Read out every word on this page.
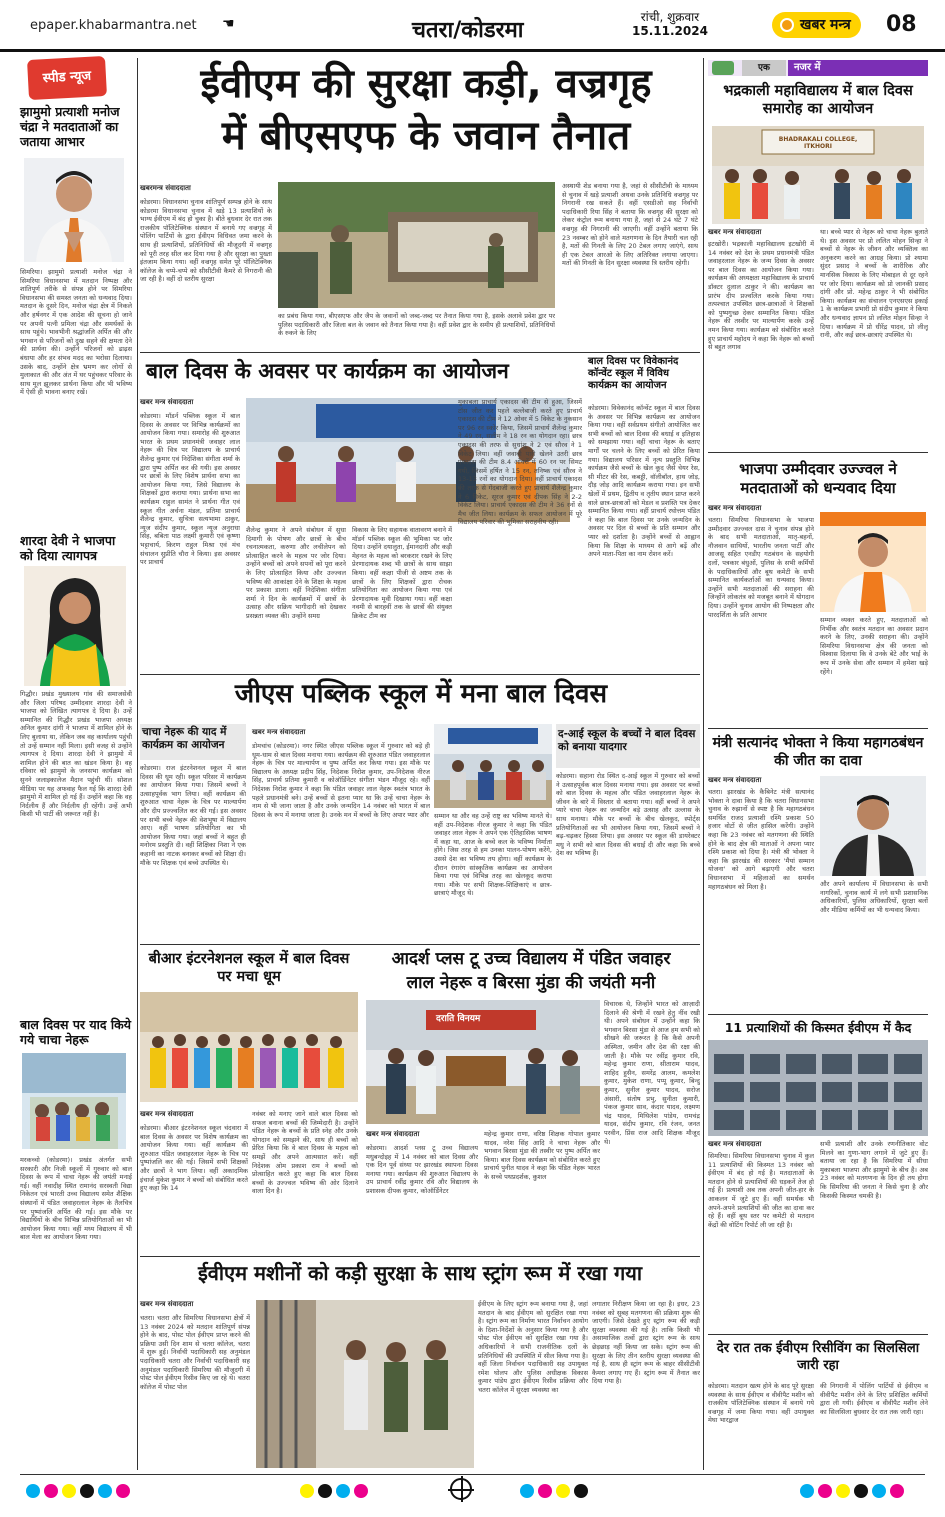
epaper.khabarmantra.net ☚	चतरा/कोडरमा
रांची, शुक्रवार
15.11.2024	खबर मन्त्र	08
स्पीड न्यूज
झामुमो प्रत्याशी मनोज चंद्रा ने मतदाताओं का जताया आभार
सिमरिया। झामुमो प्रत्याशी मनोज चंद्रा ने सिमरिया विधानसभा में मतदान निष्पक्ष और शांतिपूर्ण तरीके से संपन्न होने पर सिमरिया विधानसभा की समस्त जनता को धन्यवाद दिया। मतदान के दूसरे दिन, मनोज चंद्रा क्षेत्र में निकले और हर्षनगर में एक आदेश की सूचना हो जाने पर अपनी पत्नी प्रमिला चंद्रा और समर्थकों के साथ पहुंचे। भावभीनी श्रद्धांजलि अर्पित की और भगवान से परिजनों को दुख सहने की क्षमता देने की प्रार्थना की। उन्होंने परिजनों को ढाढ़स बंधाया और हर संभव मदद का भरोसा दिलाया। उसके बाद, उन्होंने क्षेत्र भ्रमण कर लोगों से मुलाकात की और अंत में घर पहुंचकर परिवार के साथ मूल झूलकर प्रार्थना किया और भी भविष्य में ऐसी ही भावना बनाए रखें।
शारदा देवी ने भाजपा को दिया त्यागपत्र
गिद्धौर। प्रखंड मुख्यालय गांव की समाजसेवी और जिला परिषद उम्मीदवार शारदा देवी ने भाजपा को लिखित त्यागपत्र दे दिया है। उन्हें सम्मानित की गिद्धौर प्रखंड भाजपा अध्यक्ष अनिल कुमार दांगी ने भाजपा में शामिल होने के लिए बुलाया था, लेकिन जब वह कार्यालय पहुंची तो उन्हें सम्मान नहीं मिला। इसी वजह से उन्होंने त्यागपत्र दे दिया। शारदा देवी ने झामुमो में शामिल होने की बात का खंडन किया है। वह रविवार को झामुमो के जनसभा कार्यक्रम को सुनने जलाइकालेज मैदान पहुंची थीं। सोशल मीडिया पर यह अफवाह फैल गई कि शारदा देवी झामुमो में शामिल हो गई हैं। उन्होंने कहा कि वह निर्दलीय हैं और निर्दलीय ही रहेंगी। उन्हें अभी किसी भी पार्टी की जरूरत नहीं है।
बाल दिवस पर याद किये गये चाचा नेहरू
मरकच्चो (कोडरमा)। प्रखंड अंतर्गत सभी सरकारी और निजी स्कूलों में गुरुवार को बाल दिवस के रूप में चाचा नेहरू की जयंती मनाई गई। वहीं नवादीह स्थित रामानंद सरस्वती विद्या निकेतन एवं भारती उच्च विद्यालय समेत शैक्षिक संस्थानों में पंडित जवाहरलाल नेहरू के तैलचित्र पर पुष्पांजलि अर्पित की गई। इस मौके पर विद्यार्थियों के बीच विभिन्न प्रतियोगिताओं का भी आयोजन किया गया। वहीं मध्य विद्यालय में भी बाल मेला का आयोजन किया गया।
ईवीएम की सुरक्षा कड़ी, वज्रगृह
में बीएसएफ के जवान तैनात
खबरमन्त्र संवाददाता
कोडरमा। विधानसभा चुनाव शांतिपूर्ण सम्पन्न होने के साथ कोडरमा विधानसभा चुनाव में खड़े 13 प्रत्याशियों के भाग्य ईवीएम में बंद हो चुका है। बीते बुधवार देर रात तक राजकीय पॉलिटेक्निक संस्थान में बनाये गए वज्रगृह में पोलिंग पार्टियों के द्वारा ईवीएम विधिवत जमा करने के साथ ही प्रत्याशियों, प्रतिनिधियों की मौजूदगी में वज्रगृह को पूरी तरह सील कर दिया गया है और सुरक्षा का पुख्ता इंतजाम किया गया। वहीं वज्रगृह समेत पूरे पॉलिटेक्निक कॉलेज के चप्पे-चप्पे को सीसीटीवी कैमरे से निगरानी की जा रही है। वहीं दो स्तरीय सुरक्षा
का प्रबंध किया गया, बीएसएफ और जैप के जवानों को जब्द-जब्द पर तैनात किया गया है, इसके अलावे प्रवेश द्वार पर पुलिस पदाधिकारी और जिला बल के जवान को तैनात किया गया है। वहीं प्रवेश द्वार के समीप ही प्रत्याशियों, प्रतिनिधियों के रुकने के लिए
अस्थायी शेड बनाया गया है, जहां से सीसीटीवी के माध्यम से चुनाव में खड़े प्रत्याशी अथवा उनके प्रतिनिधि वज्रगृह पर निगरानी रख सकते हैं। वहीं एसडीओ सह निर्वाची पदाधिकारी रिया सिंह ने बताया कि वज्रगृह की सुरक्षा को लेकर कंट्रोल रूम बनाया गया है, जहां से 24 घंटे 7 घंटे वज्रगृह की निगरानी की जाएगी। वहीं उन्होंने बताया कि 23 नवम्बर को होने वाले मतगणना के दिन तैयारी चल रही है, मतों की गिनती के लिए 20 टेबल लगाए जाएंगे, साथ ही एक टेबल आरओ के लिए अतिरिक्त लगाया जाएगा। मतों की गिनती के दिन सुरक्षा व्यवस्था त्रि स्तरीय रहेगी।
बाल दिवस के अवसर पर कार्यक्रम का आयोजन
खबर मन्त्र संवाददाता
कोडरमा। मॉडर्न पब्लिक स्कूल में बाल दिवस के अवसर पर विभिन्न कार्यक्रमों का आयोजन किया गया। समारोह की शुरुआत भारत के प्रथम प्रधानमंत्री जवाहर लाल नेहरू की चित्र पर विद्यालय के प्राचार्य शैलेन्द्र कुमार एवं निदेशिका संगीता शर्मा के द्वारा पुष्प अर्पित कर की गयी। इस अवसर पर छात्रों के लिए विशेष प्रार्थना सभा का आयोजन किया गया, जिसे विद्यालय के शिक्षकों द्वारा कराया गया। प्रार्थना सभा का कार्यक्रम राहुल सामंत ने प्रार्थना गीत एवं स्कूल गीत अर्चना मंडल, प्रतिमा प्राचार्य शैलेन्द्र कुमार, सुचित्रा सत्यभामा ठाकुर, न्यूज संदीप कुमार, स्कूल न्यूज अनुराधा सिंह, बबिता पाठ लक्ष्मी कुमारी एवं कृष्णा भट्टाचार्य, किरण राहुल मिश्रा एवं मंच संचालन सुप्रीति चौरा ने किया। इस अवसर पर प्राचार्य
शैलेन्द्र कुमार ने अपने संबोधन में सुधा दिमागी के पोषण और छात्रों के बीच रचनात्मकता, करुणा और लचीलेपन को प्रोत्साहित करने के महत्व पर जोर दिया। उन्होंने बच्चों को अपने सपनों को पूरा करने के लिए प्रोत्साहित किया और उज्ज्वल भविष्य की आकांक्षा देने के शिक्षा के महत्व पर प्रकाश डाला। वहीं निदेशिका संगीता शर्मा ने दिन के कार्यक्रमों में छात्रों के उत्साह और सक्रिय भागीदारी को देखकर प्रसन्नता व्यक्त की। उन्होंने समग्र
विकास के लिए सहायक वातावरण बनाने में मॉडर्न पब्लिक स्कूल की भूमिका पर जोर दिया। उन्होंने दयालुता, ईमानदारी और कड़ी मेहनत के महत्व को बरकरार रखने के लिए प्रेरणादायक शब्द भी छात्रों के साथ साझा किया। वहीं कक्षा पीजी से अष्टम तक के छात्रों के लिए शिक्षकों द्वारा रोचक प्रतियोगिता का आयोजन किया गया एवं प्रेरणादायक मूवी दिखाया गया। वहीं कक्षा नवमी से बारहवीं तक के छात्रों की संयुक्त क्रिकेट टीम का
मुकाबला प्राचार्य एकादस की टीम से हुआ, जिसमें टॉस जीत कर पहले बल्लेबाजी करते हुए प्राचार्य एकादस की टीम ने 12 ओवर में 5 विकेट के नुकसान पर 96 रन स्कोर किया, जिसमें प्राचार्य शैलेन्द्र कुमार ने 49 रन, सलीम ने 18 रन का योगदान रहा। छात्र एकादस की तरफ से सुधांशु ने 2 एवं सौरव ने 1 विकेट लिया। वहीं जवाबी पारी खेलने उतरी छात्र एकादस की टीम 8.4 ओवरों में 60 रन पर सिमट गयी, जिसमें हर्षित ने 15 रन, तनिष्क एवं सौरव ने 13-13 रनों का योगदान दिया। वहीं प्राचार्य एकादस की तरफ से गेंदबाजी करते हुए प्राचार्य शैलेन्द्र कुमार ने 6 विकेट, सूरज कुमार एवं दीपक सिंह ने 2-2 विकेट लिया। प्राचार्य एकादस की टीम ने 36 रनों से मैच जीत लिया। कार्यक्रम के सफल आयोजन में पूरे विद्यालय परिवार की भूमिका सराहनीय रही।
बाल दिवस पर विवेकानंद कॉन्वेंट स्कूल में विविध कार्यक्रम का आयोजन
कोडरमा। विवेकानंद कॉन्वेंट स्कूल में बाल दिवस के अवसर पर विभिन्न कार्यक्रम का आयोजन किया गया। वहीं सर्वप्रथम संगीतो आयोजित कर सभी बच्चों को बाल दिवस की बधाई व इतिहास को समझाया गया। वहीं चाचा नेहरू के बताए मार्गों पर चलने के लिए बच्चों को प्रेरित किया गया। विद्यालय परिसर में नृत्य प्रस्तुति विभिन्न कार्यक्रम जैसे बच्चों के खेल कूद जैसे चेयर रेस, सी मीटर की रेस, कबड्डी, वॉलीबॉल, हाथ जोड़, दौड़ जोड़ आदि कार्यक्रम कराया गया। इन सभी खेलों में प्रथम, द्वितीय व तृतीय स्थान प्राप्त करने वाले छात्र-छात्राओं को मेडल व प्रशस्ति पत्र देकर सम्मानित किया गया। वहीं प्राचार्य रघोत्तम पंडित ने कहा कि बाल दिवस पर उनके जन्मदिन के अवसर पर दिल से बच्चों के प्रति सम्मान और प्यार को दर्शाता है। उन्होंने बच्चों से आह्वान किया कि शिक्षा के माध्यम से आगे बढ़ें और अपने माता-पिता का नाम रोशन करें।
जीएस पब्लिक स्कूल में मना बाल दिवस
चाचा नेहरू की याद में कार्यक्रम का आयोजन
कोडरमा। राज इंटरनेशनल स्कूल में बाल दिवस की धूम रही। स्कूल परिसर में कार्यक्रम का आयोजन किया गया। जिसमें बच्चों ने उत्साहपूर्वक भाग लिया। वहीं कार्यक्रम की शुरुआत चाचा नेहरू के चित्र पर माल्यार्पण और दीप प्रज्ज्वलित कर की गई। इस अवसर पर सभी बच्चे नेहरू की वेशभूषा में विद्यालय आए। वहीं भाषण प्रतियोगिता का भी आयोजन किया गया। जहां बच्चों ने बहुत ही मनोरम प्रस्तुति दी। वहीं शिक्षिका निशा ने एक कहानी का नाटक बनाकर बच्चों को शिक्षा दी। मौके पर शिक्षक एवं बच्चे उपस्थित थे।
खबर मन्त्र संवाददाता
डोमचांच (कोडरमा)। नगर स्थित जीएस पब्लिक स्कूल में गुरुवार को बड़े ही धूम-धाम से बाल दिवस मनाया गया। कार्यक्रम की शुरुआत पंडित जवाहरलाल नेहरू के चित्र पर माल्यार्पण व पुष्प अर्पित कर किया गया। इस मौके पर विद्यालय के अध्यक्ष प्रदीप सिंह, निदेशक निरोश कुमार, उप-निदेशक नीरज सिंह, प्राचार्य प्रतिमा कुमारी व कोऑर्डिनेटर संगीता भंडन मौजूद रहे। वहीं निदेशक निरोश कुमार ने कहा कि पंडित जवाहर लाल नेहरू स्वतंत्र भारत के पहले प्रधानमंत्री बने। उन्हें बच्चों से इतना प्यार था कि उन्हें चाचा नेहरू के नाम से भी जाना जाता है और उनके जन्मदिन 14 नवंबर को भारत में बाल दिवस के रूप में मनाया जाता है। उनके मन में बच्चों के लिए अपार प्यार और सम्मान था और वह उन्हें राष्ट्र का भविष्य मानते थे। वहीं उप-निदेशक नीरज कुमार ने कहा कि पंडित जवाहर लाल नेहरू ने अपने एक ऐतिहासिक भाषण में कहा था, आज के बच्चे कल के भविष्य निर्माता होंगे। जिस तरह से हम उनका पालन-पोषण करेंगे, उससे देश का भविष्य तय होगा। वहीं कार्यक्रम के दौरान रंगारंग सांस्कृतिक कार्यक्रम का आयोजन किया गया एवं विभिन्न तरह का खेलकूद कराया गया। मौके पर सभी शिक्षक-शिक्षिकाएं व छात्र-छात्राएं मौजूद थे।
द-आई स्कूल के बच्चों ने बाल दिवस को बनाया यादगार
कोडरमा। सहाना रोड स्थित द-आई स्कूल में गुरुवार को बच्चों ने उत्साहपूर्वक बाल दिवस मनाया गया। इस अवसर पर बच्चों को बाल दिवस के महत्व और पंडित जवाहरलाल नेहरू के जीवन के बारे में विस्तार से बताया गया। वहीं बच्चों ने अपने प्यारे चाचा नेहरू का जन्मदिन बड़े उत्साह और उल्लास के साथ मनाया। मौके पर बच्चों के बीच खेलकूद, स्पोर्ट्स प्रतियोगिताओं का भी आयोजन किया गया, जिसमें बच्चों ने बढ़-चढ़कर हिस्सा लिया। इस अवसर पर स्कूल की डायरेक्टर मधु ने सभी को बाल दिवस की बधाई दी और कहा कि बच्चे देश का भविष्य हैं।
बीआर इंटरनेशनल स्कूल में बाल दिवस पर मचा धूम
खबर मन्त्र संवाददाता
कोडरमा। बीआर इंटरनेशनल स्कूल चंदवारा में बाल दिवस के अवसर पर विशेष कार्यक्रम का आयोजन किया गया। वहीं कार्यक्रम की शुरुआत पंडित जवाहरलाल नेहरू के चित्र पर पुष्पांजलि कर की गई। जिसमें सभी शिक्षकों और छात्रों ने भाग लिया। वहीं अकादमिक इंचार्ज मुकेश कुमार ने बच्चों को संबोधित करते हुए कहा कि 14
नवंबर को मनाए जाने वाले बाल दिवस को सफल बनाना बच्चों की जिम्मेदारी है। उन्होंने पंडित नेहरू के बच्चों के प्रति स्नेह और उनके योगदान को समझने की, साथ ही बच्चों को प्रेरित किया कि वे बाल दिवस के महत्व को समझें और अपने आत्मसात करें। वहीं निदेशक ओम प्रकाश राम ने बच्चों को प्रोत्साहित करते हुए कहा कि बाल दिवस बच्चों के उज्ज्वल भविष्य की ओर दिलाने वाला दिन है।
आदर्श प्लस टू उच्च विद्यालय में पंडित जवाहर
लाल नेहरू व बिरसा मुंडा की जयंती मनी
दराति विनयम
विचारक थे, जिन्होंने भारत को आज़ादी दिलाने की श्रेणी में रखने हेतु नींव रखी थी। अपने संबोधन में उन्होंने कहा कि भगवान बिरसा मुंडा से आज हम सभी को सीखने की जरूरत है कि कैसे अपनी अस्मिता, जमीन और देश की रक्षा की जाती है। मौके पर रवींद्र कुमार रवि, महेन्द्र कुमार राणा, सीताराम यादव, शाहिद हुसैन, समरेंद्र आलम, कमलेश कुमार, मुकेश राणा, पप्पू कुमार, बिन्दु कुमार, सुनील कुमार यादव, सरोज अंसारी, संतोष प्रभु, सुनीता कुमारी, पंकज कुमार साव, कंदार यादव, लक्ष्मण चंद्र यादव, मिथिलेश पांडेय, रामचंद्र यादव, संदीप कुमार, रवि रंजन, जनत परवीन, प्रिंस राज आदि शिक्षक मौजूद थे।
खबर मन्त्र संवाददाता
कोडरमा। आदर्श प्लस टू उच्च विद्यालय मधुबन्दोइह में 14 नवंबर को बाल दिवस और एक दिन पूर्व संध्या पर झारखंड स्थापना दिवस मनाया गया। कार्यक्रम की शुरुआत विद्यालय के उप प्राचार्य रवींद्र कुमार रवि और विद्यालय के प्रशासक दीपक कुमार, कोऑर्डिनेटर
महेन्द्र कुमार राणा, वरिष्ठ शिक्षक गोपाल कुमार यादव, नरेश सिंह आदि ने चाचा नेहरू और भगवान बिरसा मुंडा की तस्वीर पर पुष्प अर्पित कर किया। बाल दिवस कार्यक्रम को संबोधित करते हुए प्राचार्य पुनीत यादव ने कहा कि पंडित नेहरू भारत के सच्चे पथप्रदर्शक, कुशल
ईवीएम मशीनों को कड़ी सुरक्षा के साथ स्ट्रांग रूम में रखा गया
खबर मन्त्र संवाददाता
चतरा। चतरा और सिमरिया विधानसभा क्षेत्रों में 13 नवंबर 2024 को मतदान शांतिपूर्ण संपन्न होने के बाद, पोस्ट पोल ईवीएम प्राप्त करने की प्रक्रिया उसी दिन शाम से चतरा कॉलेज, चतरा में शुरू हुई। निर्वाची पदाधिकारी सह अनुमंडल पदाधिकारी चतरा और निर्वाची पदाधिकारी सह अनुमंडल पदाधिकारी सिमरिया की मौजूदगी में पोस्ट पोल ईवीएम रिसीव किए जा रहे थे। चतरा कॉलेज में पोस्ट पोल
ईवीएम के लिए स्ट्रांग रूम बनाया गया है, जहां मतदान के बाद ईवीएम को सुरक्षित रखा गया है। स्ट्रांग रूम का निर्माण भारत निर्वाचन आयोग के दिशा-निर्देशों के अनुसार किया गया है और पोस्ट पोल ईवीएम को सुरक्षित रखा गया है। अधिकारियों ने सभी राजनीतिक दलों के प्रतिनिधियों की उपस्थिति में सील किया गया है। वहीं जिला निर्वाचन पदाधिकारी सह उपायुक्त रमेश घोलप और पुलिस अधीक्षक विकास कुमार पांडेय द्वारा ईवीएम रिसीव प्रक्रिया और चतरा कॉलेज में सुरक्षा व्यवस्था का
लगातार निरीक्षण किया जा रहा है। इधर, 23 नवंबर को सुबह मतगणना की प्रक्रिया शुरू की जाएगी। जिसे देखते हुए स्ट्रांग रूम की कड़ी सुरक्षा व्यवस्था की गई है। ताकि किसी भी असामाजिक तत्वों द्वारा स्ट्रांग रूम के साथ छेड़छाड़ नहीं किया जा सके। स्ट्रांग रूम की सुरक्षा के लिए तीन स्तरीय सुरक्षा व्यवस्था की गई है, साथ ही स्ट्रांग रूम के बाहर सीसीटीवी कैमरा लगाए गए हैं। स्ट्रांग रूम में तैनात कर दिया गया है।
एक	नजर में
भद्रकाली महाविद्यालय में बाल दिवस समारोह का आयोजन
BHADRAKALI COLLEGE, ITKHORI
खबर मन्त्र संवाददाता
इटखोरी। भद्रकाली महाविद्यालय इटखोरी में 14 नवंबर को देश के प्रथम प्रधानमंत्री पंडित जवाहरलाल नेहरू के जन्म दिवस के अवसर पर बाल दिवस का आयोजन किया गया। कार्यक्रम की अध्यक्षता महाविद्यालय के प्राचार्य डॉक्टर दुलाल ठाकुर ने की। कार्यक्रम का प्रारंभ दीप प्रज्वलित करके किया गया। तत्पश्चात उपस्थित छात्र-छात्राओं ने शिक्षकों को पुष्पगुच्छ देकर सम्मानित किया। पंडित नेहरू की तस्वीर पर माल्यार्पण करके उन्हें नमन किया गया। कार्यक्रम को संबोधित करते हुए प्राचार्य महोदय ने कहा कि नेहरू को बच्चों से बहुत लगाव
था। बच्चे प्यार से नेहरू को चाचा नेहरू बुलाते थे। इस अवसर पर प्रो ललित मोहन सिन्हा ने बच्चों से नेहरू के जीवन और व्यक्तित्व का अनुकरण करने का आग्रह किया। प्रो श्यामा सुंदर प्रसाद ने बच्चों के शारीरिक और मानसिक विकास के लिए मोबाइल से दूर रहने पर जोर दिया। कार्यक्रम को प्रो जानकी प्रसाद दांगी और प्रो. महेन्द्र ठाकुर ने भी संबोधित किया। कार्यक्रम का संचालन एनएसएस इकाई 1 के कार्यक्रम प्रभारी प्रो संदीप कुमार ने किया और धन्यवाद ज्ञापन प्रो ललित मोहन सिन्हा ने दिया। कार्यक्रम में प्रो धीरेंद्र यादव, प्रो लीलू रानी, और कई छात्र-छात्राएं उपस्थित थे।
भाजपा उम्मीदवार उज्ज्वल ने मतदाताओं को धन्यवाद दिया
खबर मन्त्र संवाददाता
चतरा। सिमरिया विधानसभा के भाजपा उम्मीदवार उज्ज्वल दास ने चुनाव संपन्न होने के बाद सभी मतदाताओं, मातृ-बहनों, नौजवान साथियों, भारतीय जनता पार्टी और आजसू सहित एनडीए गठबंधन के सहयोगी दलों, पत्रकार बंधुओं, पुलिस के सभी कर्मियों के पदाधिकारियों और बूथ कमेटी के सभी सम्मानित कार्यकर्ताओं का धन्यवाद किया। उन्होंने सभी मतदाताओं की सराहना की जिन्होंने लोकतंत्र को मजबूत बनाने में योगदान दिया। उन्होंने चुनाव आयोग की निष्पक्षता और पारदर्शिता के प्रति आभार
सम्मान व्यक्त करते हुए, मतदाताओं को निर्भीक और स्वतंत्र मतदान का अवसर प्रदान करने के लिए, उनकी सराहना की। उन्होंने सिमरिया विधानसभा क्षेत्र की जनता को विश्वास दिलाया कि वे उनके बेटे और भाई के रूप में उनके सेवा और सम्मान में हमेशा खड़े रहेंगे।
मंत्री सत्यानंद भोक्ता ने किया महागठबंधन की जीत का दावा
खबर मन्त्र संवाददाता
चतरा। झारखंड के कैबिनेट मंत्री सत्यानंद भोक्ता ने दावा किया है कि चतरा विधानसभा चुनाव के रुझानों से स्पष्ट है कि महागठबंधन समर्थित राजद प्रत्याशी रश्मि प्रकाश 50 हजार वोटों से जीत हासिल करेंगी। उन्होंने कहा कि 23 नवंबर को मतगणना की स्थिति होने के बाद क्षेत्र की माताओं ने अपना प्यार रश्मि प्रकाश को दिया है। मंत्री श्री भोक्ता ने कहा कि झारखंड की सरकार 'मैयां सम्मान योजना' को आगे बढ़ाएगी और चतरा विधानसभा में महिलाओं का समर्थन महागठबंधन को मिला है।	और अपने कार्यालय में विधानसभा के सभी नागरिकों, चुनाव कार्य में लगे सभी प्रशासनिक अधिकारियों, पुलिस अधिकारियों, सुरक्षा बलों और मीडिया कर्मियों का भी धन्यवाद किया।
11 प्रत्याशियों की किस्मत ईवीएम में कैद
खबर मन्त्र संवाददाता
सिमरिया। सिमरिया विधानसभा चुनाव में कुल 11 प्रत्याशियों की किस्मत 13 नवंबर को ईवीएम में बंद हो गई है। मतदाताओं के मतदान होने से प्रत्याशियों की धड़कनें तेज हो गई हैं। प्रत्याशी अब तक अपनी जीत-हार के आकलन में जुटे हुए हैं। वहीं समर्थक भी अपने-अपने प्रत्याशियों की जीत का दावा कर रहे हैं। वहीं बूथ स्तर पर कमेटी से मतदान केंद्रों की वोटिंग रिपोर्ट ली जा रही है।
सभी प्रत्याशी और उनके रणनीतिकार वोट मिलने का गुणा-भाग लगाने में जुटे हुए हैं। बताया जा रहा है कि सिमरिया में सीधा मुकाबला भाजपा और झामुमो के बीच है। अब 23 नवंबर को मतगणना के दिन ही तय होगा कि सिमरिया की जनता ने किसे चुना है और किसकी किस्मत चमकी है।
देर रात तक ईवीएम रिसीविंग का सिलसिला जारी रहा
कोडरमा। मतदान खत्म होने के बाद पूरे सुरक्षा व्यवस्था के साथ ईवीएम व वीवीपैट मशीन को राजकीय पॉलिटेक्निक संस्थान में बनाये गये वज्रगृह में जमा किया गया। वहीं उपायुक्त मेघा भारद्वाज
की निगरानी में पोलिंग पार्टियों से ईवीएम व वीवीपैट मशीन लेने के लिए प्रशिक्षित कर्मियों द्वारा ली गयी। ईवीएम व वीवीपैट मशीन लेने का सिलसिला बुधवार देर रात तक जारी रहा।
